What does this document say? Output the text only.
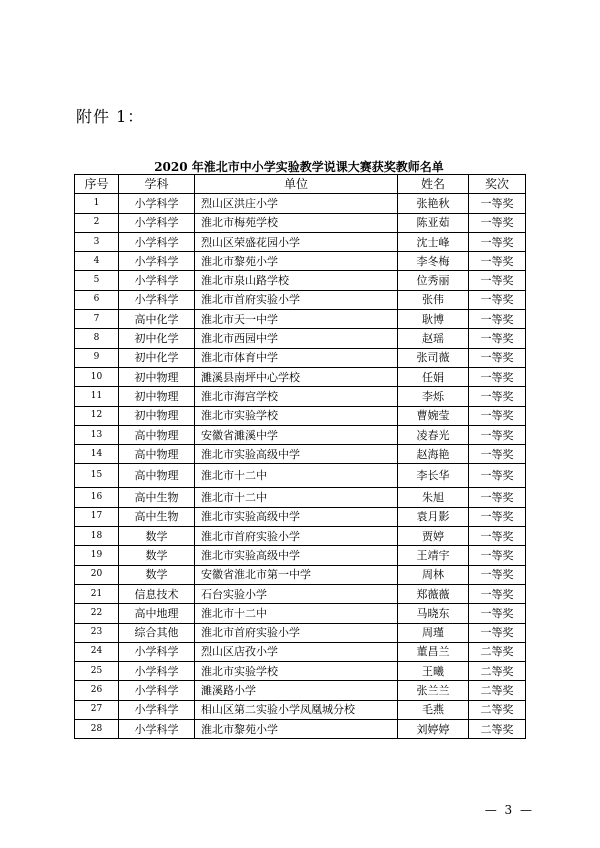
附件 1：
2020 年淮北市中小学实验教学说课大赛获奖教师名单
序号	学科	单位	姓名	奖次
1	小学科学	烈山区洪庄小学	张艳秋	一等奖
2	小学科学	淮北市梅苑学校	陈亚茹	一等奖
3	小学科学	烈山区荣盛花园小学	沈士峰	一等奖
4	小学科学	淮北市黎苑小学	李冬梅	一等奖
5	小学科学	淮北市泉山路学校	位秀丽	一等奖
6	小学科学	淮北市首府实验小学	张伟	一等奖
7	高中化学	淮北市天一中学	耿博	一等奖
8	初中化学	淮北市西园中学	赵瑶	一等奖
9	初中化学	淮北市体育中学	张司薇	一等奖
10	初中物理	濉溪县南坪中心学校	任娟	一等奖
11	初中物理	淮北市海宫学校	李烁	一等奖
12	初中物理	淮北市实验学校	曹婉莹	一等奖
13	高中物理	安徽省濉溪中学	凌春光	一等奖
14	高中物理	淮北市实验高级中学	赵海艳	一等奖
15	高中物理	淮北市十二中	李长华	一等奖
16	高中生物	淮北市十二中	朱旭	一等奖
17	高中生物	淮北市实验高级中学	袁月影	一等奖
18	数学	淮北市首府实验小学	贾婷	一等奖
19	数学	淮北市实验高级中学	王靖宇	一等奖
20	数学	安徽省淮北市第一中学	周林	一等奖
21	信息技术	石台实验小学	郑薇薇	一等奖
22	高中地理	淮北市十二中	马晓东	一等奖
23	综合其他	淮北市首府实验小学	周瑾	一等奖
24	小学科学	烈山区店孜小学	董昌兰	二等奖
25	小学科学	淮北市实验学校	王曦	二等奖
26	小学科学	濉溪路小学	张兰兰	二等奖
27	小学科学	相山区第二实验小学凤凰城分校	毛燕	二等奖
28	小学科学	淮北市黎苑小学	刘婷婷	二等奖
— 3 —
